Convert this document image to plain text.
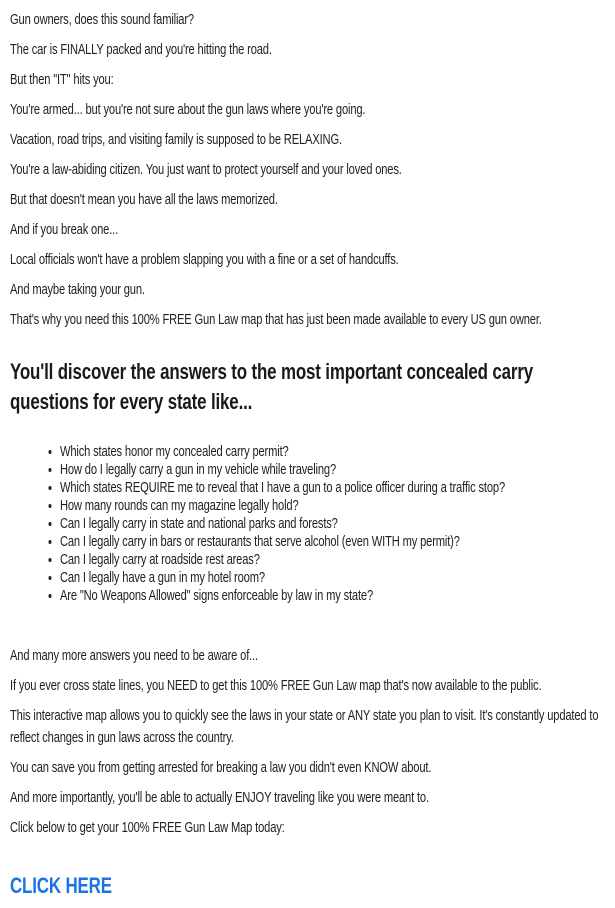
Gun owners, does this sound familiar?

The car is FINALLY packed and you're hitting the road.

But then "IT" hits you:

You're armed... but you're not sure about the gun laws where you're going.

Vacation, road trips, and visiting family is supposed to be RELAXING.

You're a law-abiding citizen. You just want to protect yourself and your loved ones.

But that doesn't mean you have all the laws memorized.

And if you break one...

Local officials won't have a problem slapping you with a fine or a set of handcuffs.

And maybe taking your gun.

That's why you need this 100% FREE Gun Law map that has just been made available to every US gun owner.

You'll discover the answers to the most important concealed carry questions for every state like...
• Which states honor my concealed carry permit?
• How do I legally carry a gun in my vehicle while traveling?
• Which states REQUIRE me to reveal that I have a gun to a police officer during a traffic stop?
• How many rounds can my magazine legally hold?
• Can I legally carry in state and national parks and forests?
• Can I legally carry in bars or restaurants that serve alcohol (even WITH my permit)?
• Can I legally carry at roadside rest areas?
• Can I legally have a gun in my hotel room?
• Are "No Weapons Allowed" signs enforceable by law in my state?

And many more answers you need to be aware of...

If you ever cross state lines, you NEED to get this 100% FREE Gun Law map that's now available to the public.

This interactive map allows you to quickly see the laws in your state or ANY state you plan to visit. It's constantly updated to reflect changes in gun laws across the country.

You can save you from getting arrested for breaking a law you didn't even KNOW about.

And more importantly, you'll be able to actually ENJOY traveling like you were meant to.

Click below to get your 100% FREE Gun Law Map today:

CLICK HERE
